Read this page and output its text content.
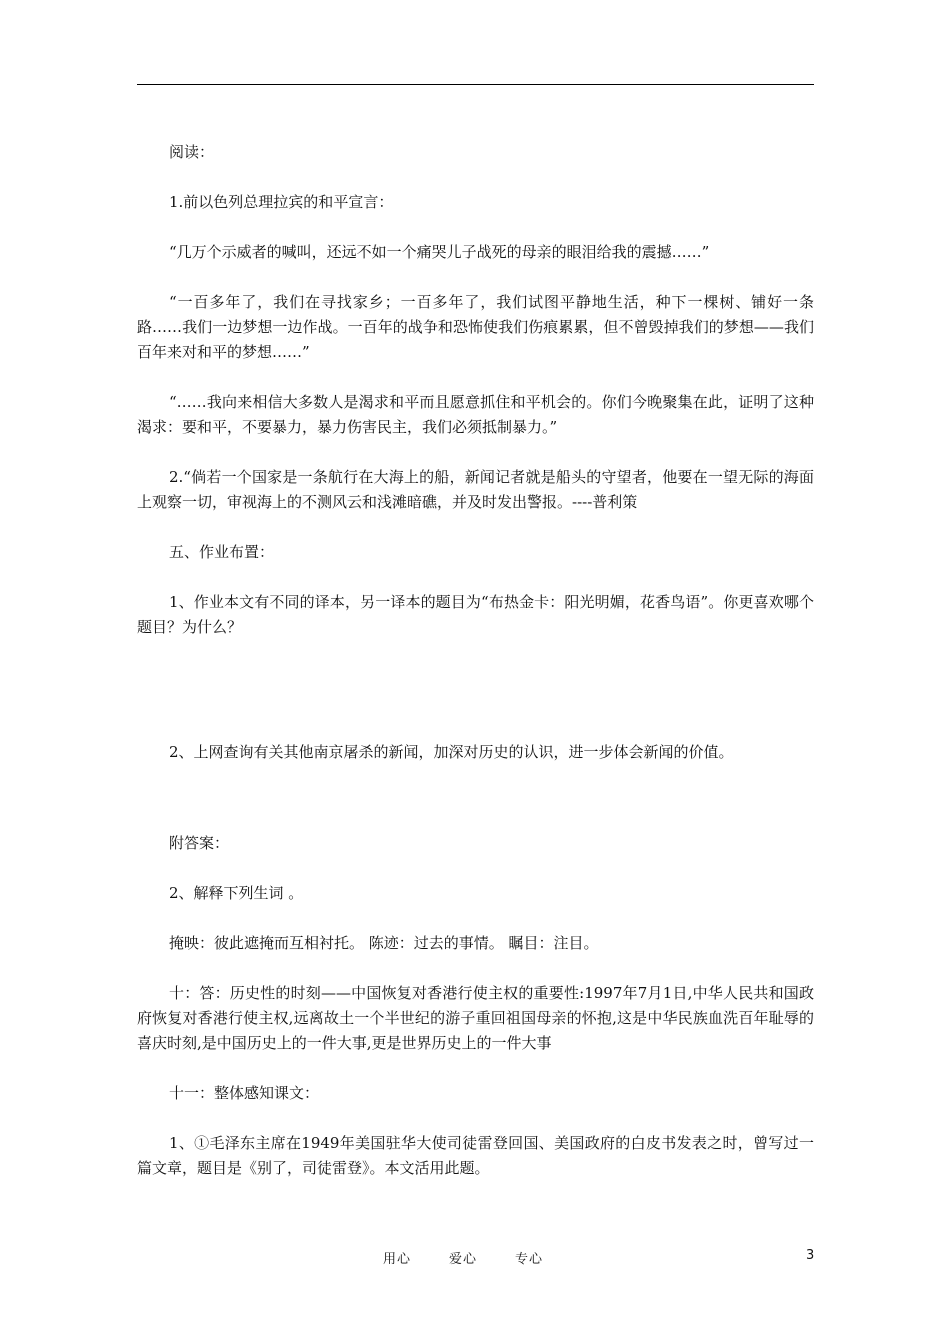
阅读：

1.前以色列总理拉宾的和平宣言：

“几万个示威者的喊叫，还远不如一个痛哭儿子战死的母亲的眼泪给我的震撼……”

“一百多年了，我们在寻找家乡；一百多年了，我们试图平静地生活，种下一棵树、铺好一条路……我们一边梦想一边作战。一百年的战争和恐怖使我们伤痕累累，但不曾毁掉我们的梦想——我们百年来对和平的梦想……”

“……我向来相信大多数人是渴求和平而且愿意抓住和平机会的。你们今晚聚集在此，证明了这种渴求：要和平，不要暴力，暴力伤害民主，我们必须抵制暴力。”

2.“倘若一个国家是一条航行在大海上的船，新闻记者就是船头的守望者，他要在一望无际的海面上观察一切，审视海上的不测风云和浅滩暗礁，并及时发出警报。----普利策

五、作业布置：

1、作业本文有不同的译本，另一译本的题目为“布热金卡：阳光明媚，花香鸟语”。你更喜欢哪个题目？为什么？

2、上网查询有关其他南京屠杀的新闻，加深对历史的认识，进一步体会新闻的价值。

附答案：

2、解释下列生词 。

掩映：彼此遮掩而互相衬托。 陈迹：过去的事情。 瞩目：注目。

十：答：历史性的时刻——中国恢复对香港行使主权的重要性:1997年7月1日,中华人民共和国政府恢复对香港行使主权,远离故土一个半世纪的游子重回祖国母亲的怀抱,这是中华民族血洗百年耻辱的喜庆时刻,是中国历史上的一件大事,更是世界历史上的一件大事

十一：整体感知课文：

1、①毛泽东主席在1949年美国驻华大使司徒雷登回国、美国政府的白皮书发表之时，曾写过一篇文章，题目是《别了，司徒雷登》。本文活用此题。

用心	爱心	专心	3
